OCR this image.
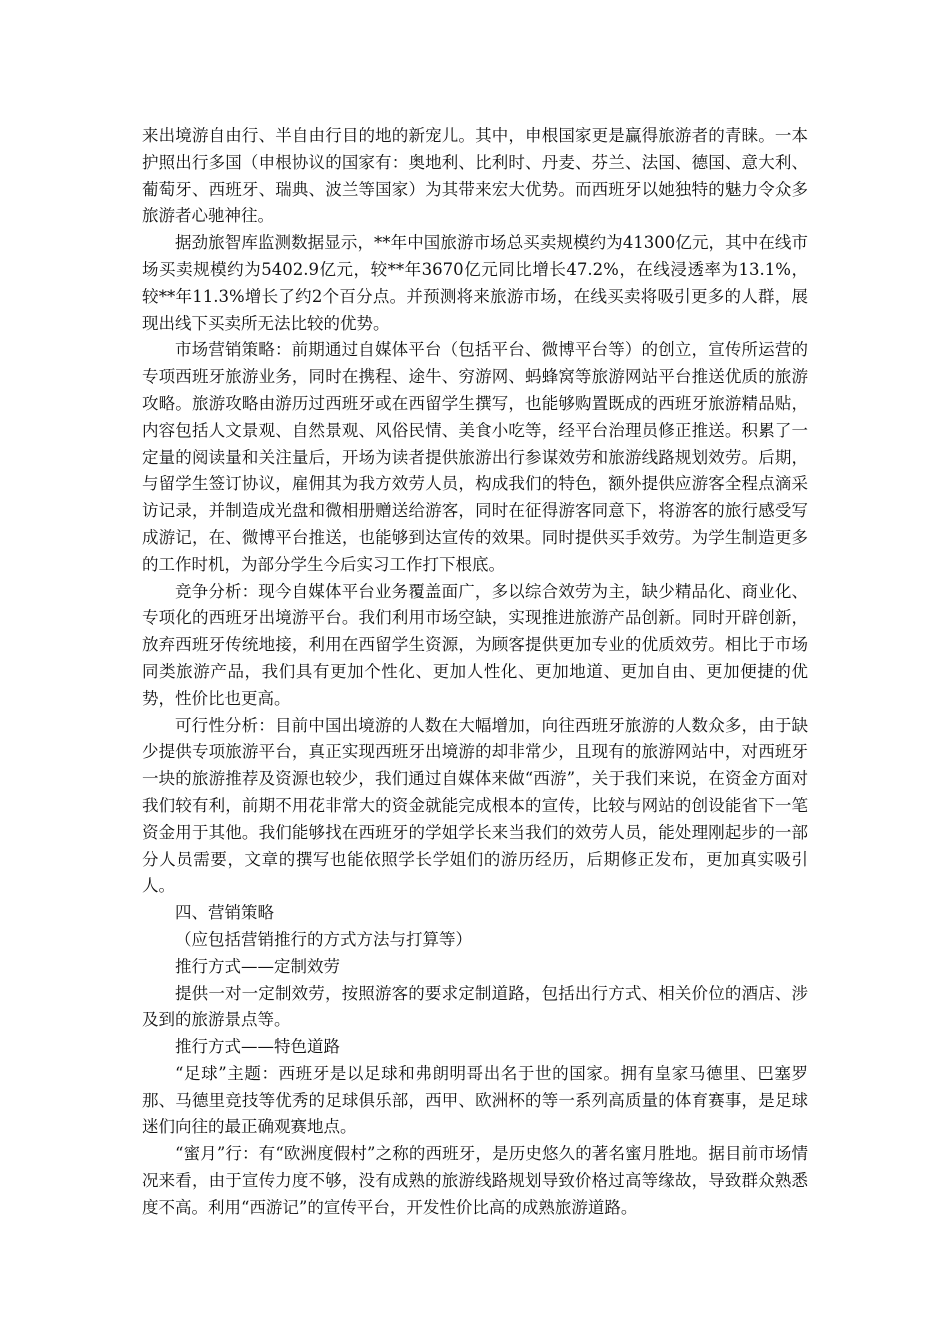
来出境游自由行、半自由行目的地的新宠儿。其中，申根国家更是赢得旅游者的青睐。一本护照出行多国（申根协议的国家有：奥地利、比利时、丹麦、芬兰、法国、德国、意大利、葡萄牙、西班牙、瑞典、波兰等国家）为其带来宏大优势。而西班牙以她独特的魅力令众多旅游者心驰神往。

据劲旅智库监测数据显示，**年中国旅游市场总买卖规模约为41300亿元，其中在线市场买卖规模约为5402.9亿元，较**年3670亿元同比增长47.2%，在线浸透率为13.1%，较**年11.3%增长了约2个百分点。并预测将来旅游市场，在线买卖将吸引更多的人群，展现出线下买卖所无法比较的优势。

市场营销策略：前期通过自媒体平台（包括平台、微博平台等）的创立，宣传所运营的专项西班牙旅游业务，同时在携程、途牛、穷游网、蚂蜂窝等旅游网站平台推送优质的旅游攻略。旅游攻略由游历过西班牙或在西留学生撰写，也能够购置既成的西班牙旅游精品贴，内容包括人文景观、自然景观、风俗民情、美食小吃等，经平台治理员修正推送。积累了一定量的阅读量和关注量后，开场为读者提供旅游出行参谋效劳和旅游线路规划效劳。后期，与留学生签订协议，雇佣其为我方效劳人员，构成我们的特色，额外提供应游客全程点滴采访记录，并制造成光盘和微相册赠送给游客，同时在征得游客同意下，将游客的旅行感受写成游记，在、微博平台推送，也能够到达宣传的效果。同时提供买手效劳。为学生制造更多的工作时机，为部分学生今后实习工作打下根底。

竞争分析：现今自媒体平台业务覆盖面广，多以综合效劳为主，缺少精品化、商业化、专项化的西班牙出境游平台。我们利用市场空缺，实现推进旅游产品创新。同时开辟创新，放弃西班牙传统地接，利用在西留学生资源，为顾客提供更加专业的优质效劳。相比于市场同类旅游产品，我们具有更加个性化、更加人性化、更加地道、更加自由、更加便捷的优势，性价比也更高。

可行性分析：目前中国出境游的人数在大幅增加，向往西班牙旅游的人数众多，由于缺少提供专项旅游平台，真正实现西班牙出境游的却非常少，且现有的旅游网站中，对西班牙一块的旅游推荐及资源也较少，我们通过自媒体来做“西游”，关于我们来说，在资金方面对我们较有利，前期不用花非常大的资金就能完成根本的宣传，比较与网站的创设能省下一笔资金用于其他。我们能够找在西班牙的学姐学长来当我们的效劳人员，能处理刚起步的一部分人员需要，文章的撰写也能依照学长学姐们的游历经历，后期修正发布，更加真实吸引人。

四、营销策略

（应包括营销推行的方式方法与打算等）

推行方式——定制效劳

提供一对一定制效劳，按照游客的要求定制道路，包括出行方式、相关价位的酒店、涉及到的旅游景点等。

推行方式——特色道路

“足球”主题：西班牙是以足球和弗朗明哥出名于世的国家。拥有皇家马德里、巴塞罗那、马德里竞技等优秀的足球俱乐部，西甲、欧洲杯的等一系列高质量的体育赛事，是足球迷们向往的最正确观赛地点。

“蜜月”行：有“欧洲度假村”之称的西班牙，是历史悠久的著名蜜月胜地。据目前市场情况来看，由于宣传力度不够，没有成熟的旅游线路规划导致价格过高等缘故，导致群众熟悉度不高。利用“西游记”的宣传平台，开发性价比高的成熟旅游道路。
